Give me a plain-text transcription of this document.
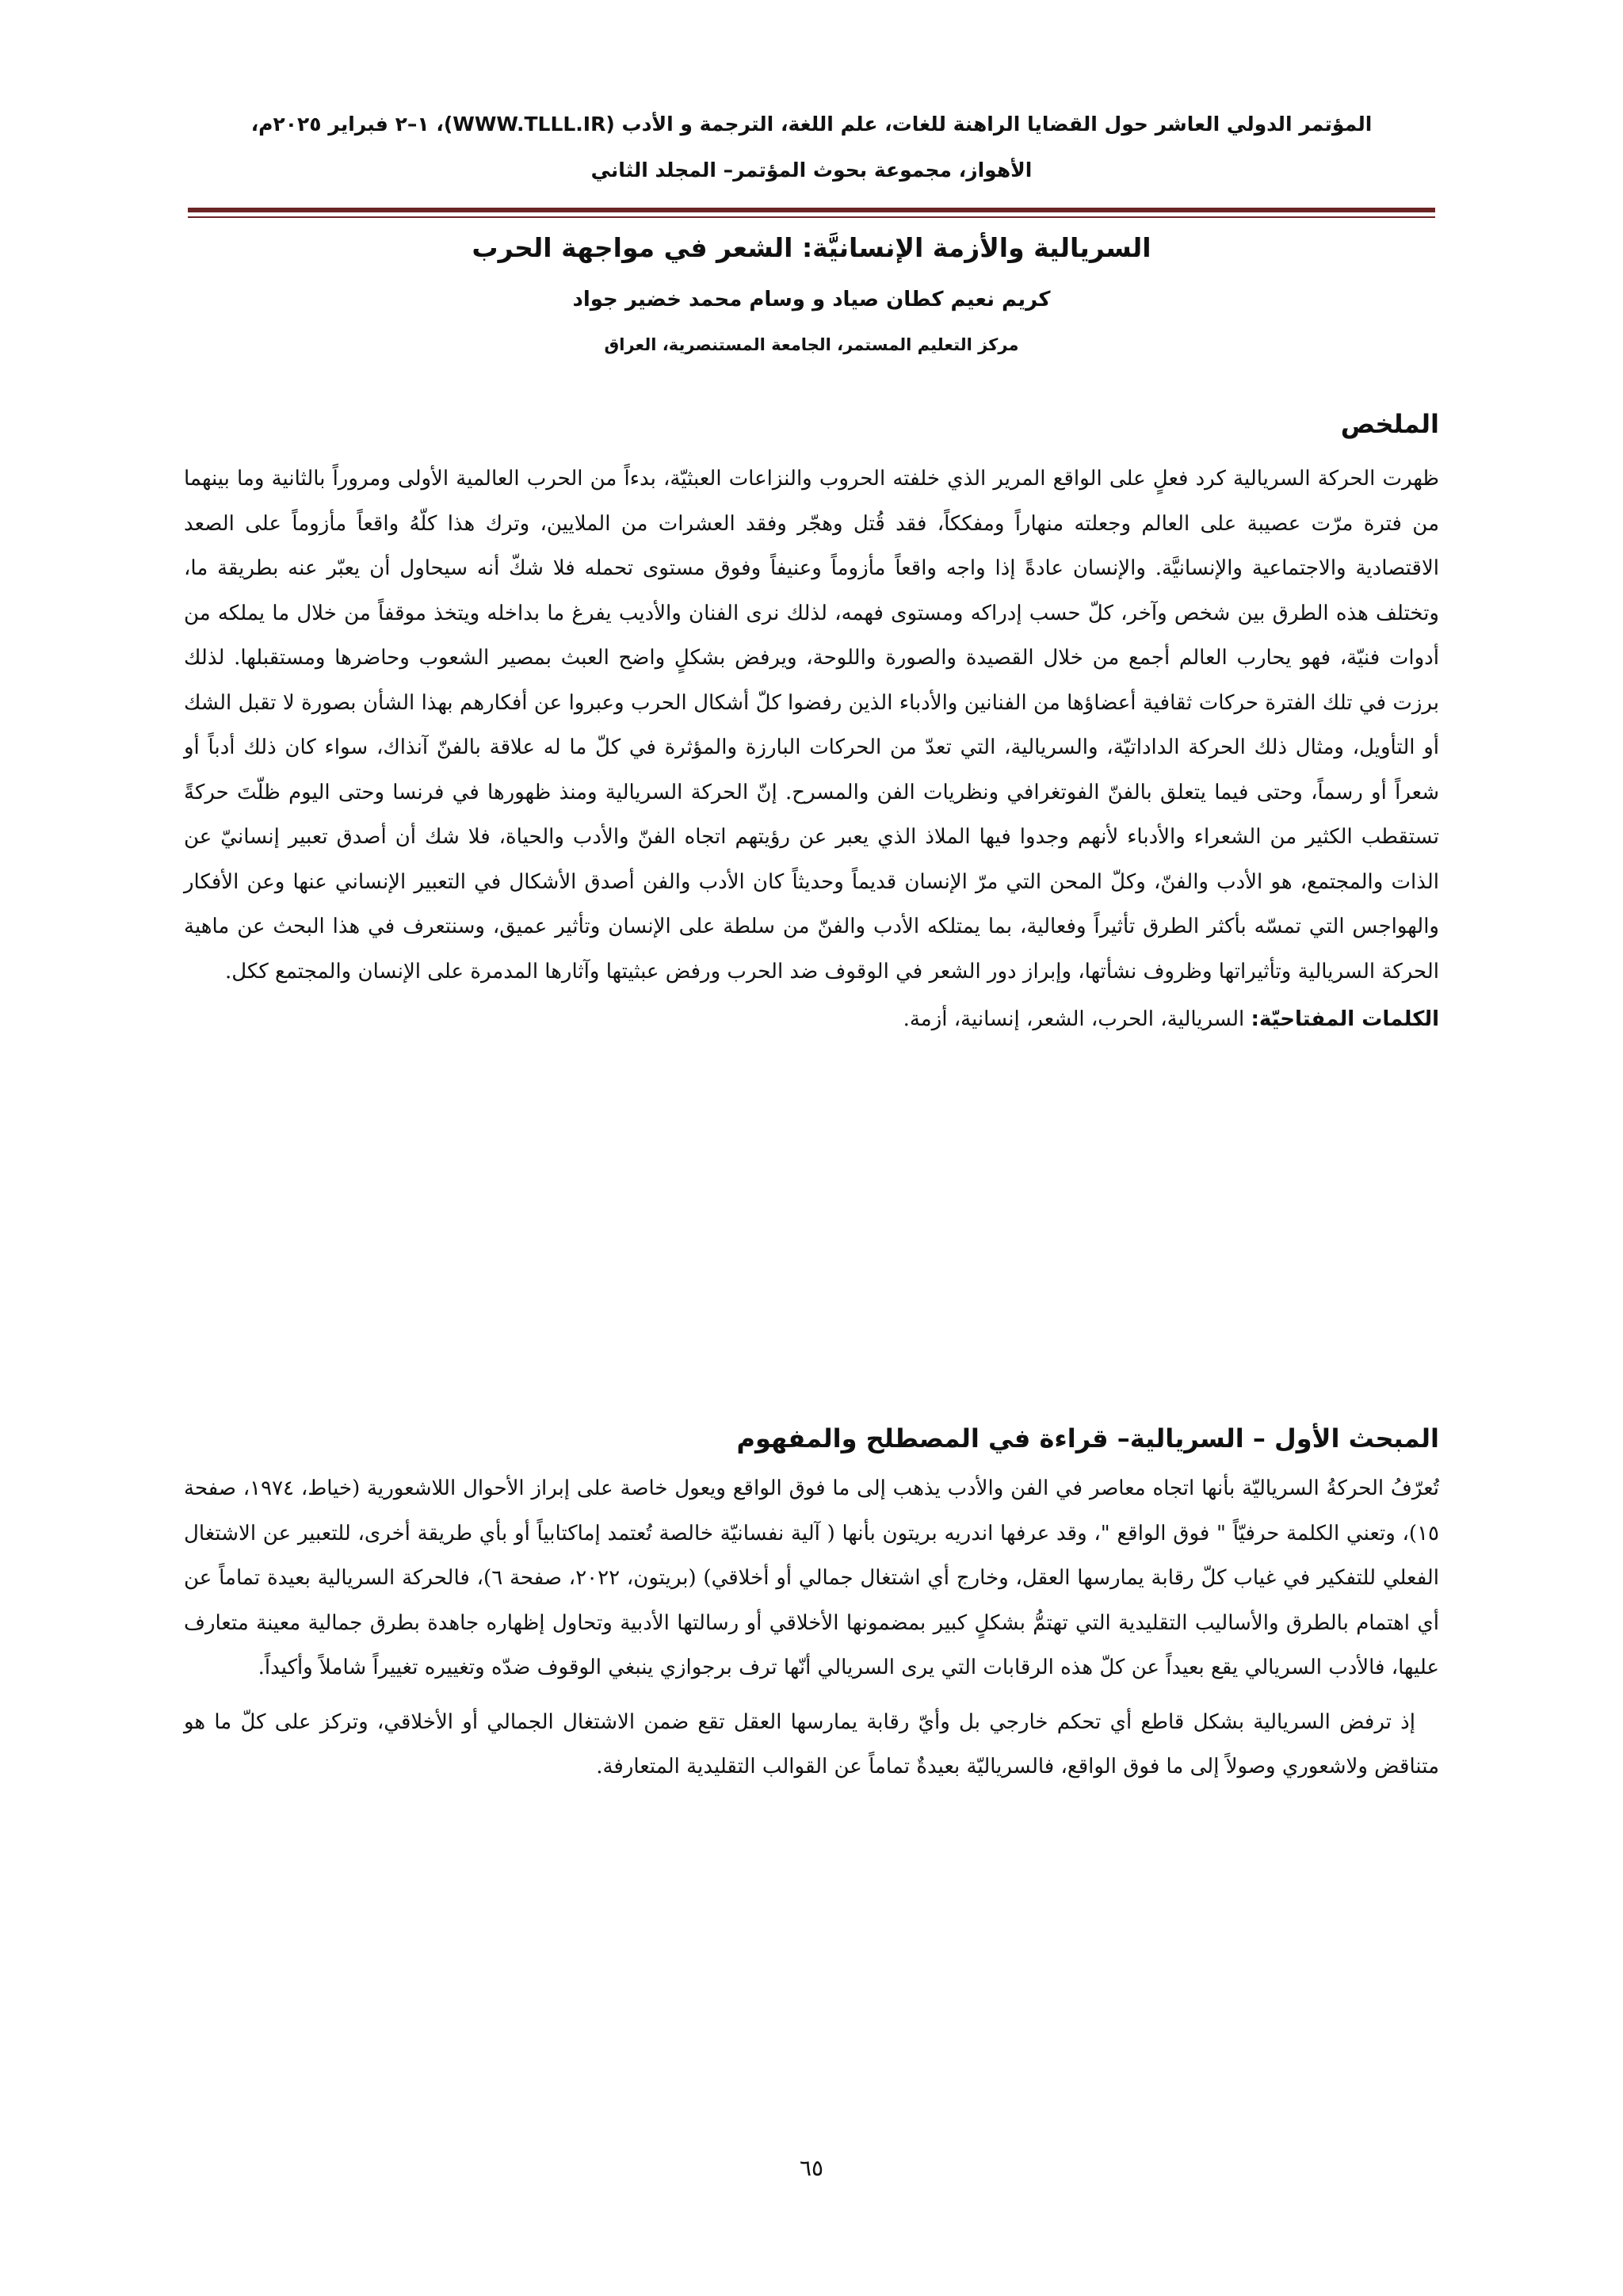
المؤتمر الدولي العاشر حول القضايا الراهنة للغات، علم اللغة، الترجمة و الأدب (WWW.TLLL.IR)، ١–٢ فبراير ٢٠٢٥م،
الأهواز، مجموعة بحوث المؤتمر– المجلد الثاني
السريالية والأزمة الإنسانيَّة: الشعر في مواجهة الحرب

كريم نعيم كطان صياد و وسام محمد خضير جواد

مركز التعليم المستمر، الجامعة المستنصرية، العراق

الملخص

ظهرت الحركة السريالية كرد فعلٍ على الواقع المرير الذي خلفته الحروب والنزاعات العبثيّة، بدءاً من الحرب العالمية الأولى ومروراً بالثانية وما بينهما من فترة مرّت عصيبة على العالم وجعلته منهاراً ومفككاً، فقد قُتل وهجّر وفقد العشرات من الملايين، وترك هذا كلّهُ واقعاً مأزوماً على الصعد الاقتصادية والاجتماعية والإنسانيَّة. والإنسان عادةً إذا واجه واقعاً مأزوماً وعنيفاً وفوق مستوى تحمله فلا شكّ أنه سيحاول أن يعبّر عنه بطريقة ما، وتختلف هذه الطرق بين شخص وآخر، كلّ حسب إدراكه ومستوى فهمه، لذلك نرى الفنان والأديب يفرغ ما بداخله ويتخذ موقفاً من خلال ما يملكه من أدوات فنيّة، فهو يحارب العالم أجمع من خلال القصيدة والصورة واللوحة، ويرفض بشكلٍ واضح العبث بمصير الشعوب وحاضرها ومستقبلها. لذلك برزت في تلك الفترة حركات ثقافية أعضاؤها من الفنانين والأدباء الذين رفضوا كلّ أشكال الحرب وعبروا عن أفكارهم بهذا الشأن بصورة لا تقبل الشك أو التأويل، ومثال ذلك الحركة الداداتيّة، والسريالية، التي تعدّ من الحركات البارزة والمؤثرة في كلّ ما له علاقة بالفنّ آنذاك، سواء كان ذلك أدباً أو شعراً أو رسماً، وحتى فيما يتعلق بالفنّ الفوتغرافي ونظريات الفن والمسرح. إنّ الحركة السريالية ومنذ ظهورها في فرنسا وحتى اليوم ظلّتَ حركةً تستقطب الكثير من الشعراء والأدباء لأنهم وجدوا فيها الملاذ الذي يعبر عن رؤيتهم اتجاه الفنّ والأدب والحياة، فلا شك أن أصدق تعبير إنسانيّ عن الذات والمجتمع، هو الأدب والفنّ، وكلّ المحن التي مرّ الإنسان قديماً وحديثاً كان الأدب والفن أصدق الأشكال في التعبير الإنساني عنها وعن الأفكار والهواجس التي تمسّه بأكثر الطرق تأثيراً وفعالية، بما يمتلكه الأدب والفنّ من سلطة على الإنسان وتأثير عميق، وسنتعرف في هذا البحث عن ماهية الحركة السريالية وتأثيراتها وظروف نشأتها، وإبراز دور الشعر في الوقوف ضد الحرب ورفض عبثيتها وآثارها المدمرة على الإنسان والمجتمع ككل.

الكلمات المفتاحيّة: السريالية، الحرب، الشعر، إنسانية، أزمة.

المبحث الأول – السريالية– قراءة في المصطلح والمفهوم

تُعرّفُ الحركةُ السرياليّة بأنها اتجاه معاصر في الفن والأدب يذهب إلى ما فوق الواقع ويعول خاصة على إبراز الأحوال اللاشعورية (خياط، ١٩٧٤، صفحة ١٥)، وتعني الكلمة حرفيّاً " فوق الواقع "، وقد عرفها اندريه بريتون بأنها ( آلية نفسانيّة خالصة تُعتمد إماكتابياً أو بأي طريقة أخرى، للتعبير عن الاشتغال الفعلي للتفكير في غياب كلّ رقابة يمارسها العقل، وخارج أي اشتغال جمالي أو أخلاقي) (بريتون، ٢٠٢٢، صفحة ٦)، فالحركة السريالية بعيدة تماماً عن أي اهتمام بالطرق والأساليب التقليدية التي تهتمُّ بشكلٍ كبير بمضمونها الأخلاقي أو رسالتها الأدبية وتحاول إظهاره جاهدة بطرق جمالية معينة متعارف عليها، فالأدب السريالي يقع بعيداً عن كلّ هذه الرقابات التي يرى السريالي أنّها ترف برجوازي ينبغي الوقوف ضدّه وتغييره تغييراً شاملاً وأكيداً.

إذ ترفض السريالية بشكل قاطع أي تحكم خارجي بل وأيّ رقابة يمارسها العقل تقع ضمن الاشتغال الجمالي أو الأخلاقي، وتركز على كلّ ما هو متناقض ولاشعوري وصولاً إلى ما فوق الواقع، فالسرياليّة بعيدةٌ تماماً عن القوالب التقليدية المتعارفة.

٦٥
